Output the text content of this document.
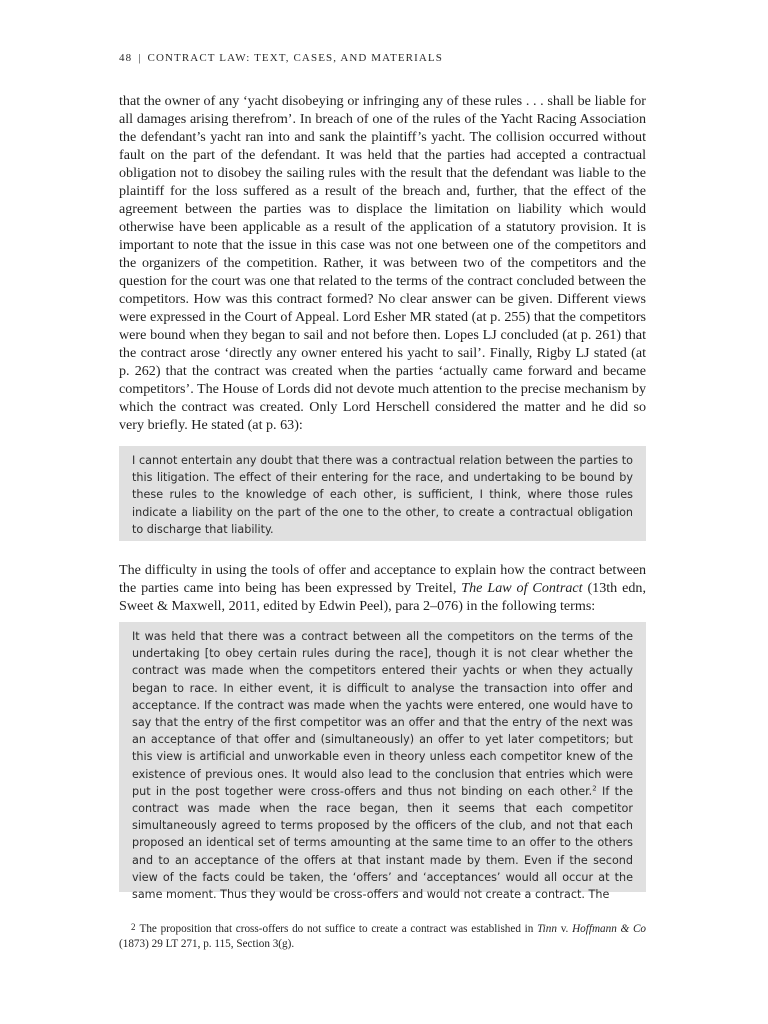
48 | CONTRACT LAW: TEXT, CASES, AND MATERIALS

that the owner of any ‘yacht disobeying or infringing any of these rules . . . shall be liable for all damages arising therefrom’. In breach of one of the rules of the Yacht Racing Association the defendant’s yacht ran into and sank the plaintiff’s yacht. The collision occurred without fault on the part of the defendant. It was held that the parties had accepted a contractual obligation not to disobey the sailing rules with the result that the defendant was liable to the plaintiff for the loss suffered as a result of the breach and, further, that the effect of the agreement between the parties was to displace the limitation on liability which would otherwise have been applicable as a result of the application of a statutory provision. It is important to note that the issue in this case was not one between one of the competitors and the organizers of the competition. Rather, it was between two of the competitors and the question for the court was one that related to the terms of the contract concluded between the competitors. How was this contract formed? No clear answer can be given. Different views were expressed in the Court of Appeal. Lord Esher MR stated (at p. 255) that the competitors were bound when they began to sail and not before then. Lopes LJ concluded (at p. 261) that the contract arose ‘directly any owner entered his yacht to sail’. Finally, Rigby LJ stated (at p. 262) that the contract was created when the parties ‘actually came forward and became competitors’. The House of Lords did not devote much attention to the precise mechanism by which the contract was created. Only Lord Herschell considered the matter and he did so very briefly. He stated (at p. 63):

I cannot entertain any doubt that there was a contractual relation between the parties to this litigation. The effect of their entering for the race, and undertaking to be bound by these rules to the knowledge of each other, is sufficient, I think, where those rules indicate a liability on the part of the one to the other, to create a contractual obligation to discharge that liability.

The difficulty in using the tools of offer and acceptance to explain how the contract between the parties came into being has been expressed by Treitel, The Law of Contract (13th edn, Sweet & Maxwell, 2011, edited by Edwin Peel), para 2–076) in the following terms:

It was held that there was a contract between all the competitors on the terms of the undertaking [to obey certain rules during the race], though it is not clear whether the contract was made when the competitors entered their yachts or when they actually began to race. In either event, it is difficult to analyse the transaction into offer and acceptance. If the contract was made when the yachts were entered, one would have to say that the entry of the first competitor was an offer and that the entry of the next was an acceptance of that offer and (simultaneously) an offer to yet later competitors; but this view is artificial and unworkable even in theory unless each competitor knew of the existence of previous ones. It would also lead to the conclusion that entries which were put in the post together were cross-offers and thus not binding on each other.$^2$ If the contract was made when the race began, then it seems that each competitor simultaneously agreed to terms proposed by the officers of the club, and not that each proposed an identical set of terms amounting at the same time to an offer to the others and to an acceptance of the offers at that instant made by them. Even if the second view of the facts could be taken, the ‘offers’ and ‘acceptances’ would all occur at the same moment. Thus they would be cross-offers and would not create a contract. The

2 The proposition that cross-offers do not suffice to create a contract was established in Tinn v. Hoffmann & Co (1873) 29 LT 271, p. 115, Section 3(g).
